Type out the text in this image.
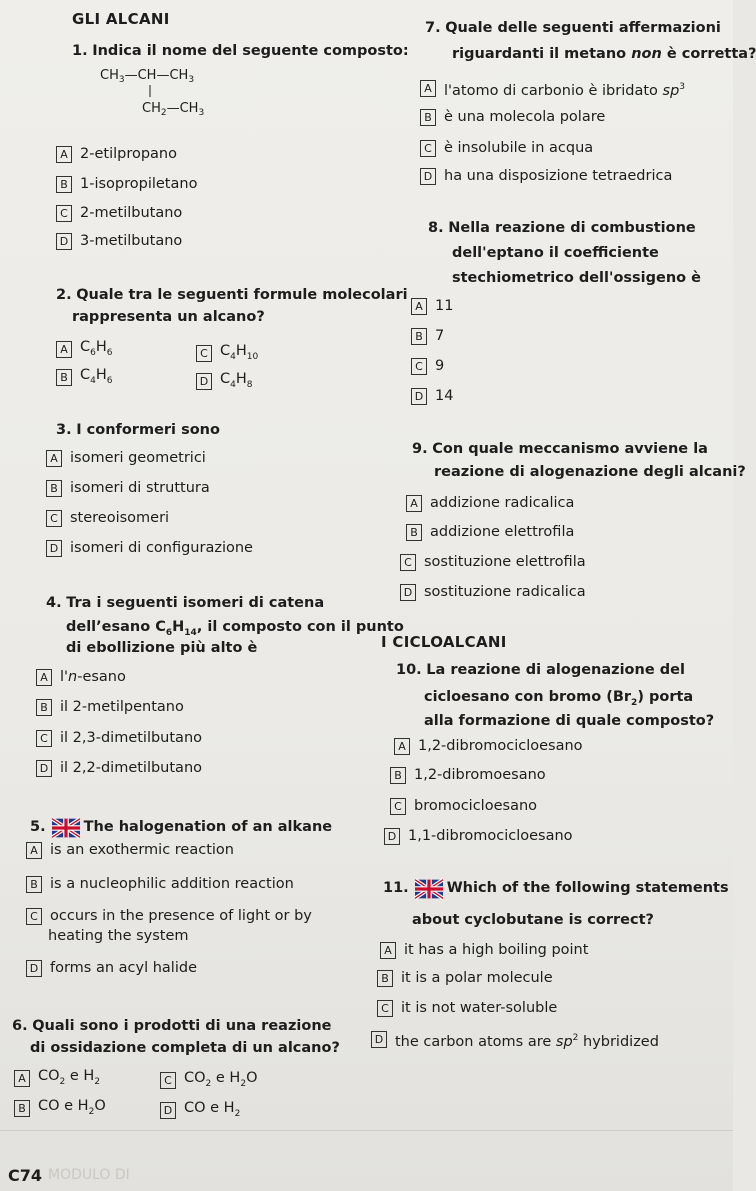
GLI ALCANI
1. Indica il nome del seguente composto:
$CH_3—CH—CH_3$
$CH_2—CH_3$
A 2-etilpropano
B 1-isopropiletano
C 2-metilbutano
D 3-metilbutano
2. Quale tra le seguenti formule molecolari
rappresenta un alcano?
A $C_6H_6$
B $C_4H_6$
C $C_4H_{10}$
D $C_4H_8$
3. I conformeri sono
A isomeri geometrici
B isomeri di struttura
C stereoisomeri
D isomeri di configurazione
4. Tra i seguenti isomeri di catena
dell’esano $C_6H_{14}$, il composto con il punto
di ebollizione più alto è
A l'n-esano
B il 2-metilpentano
C il 2,3-dimetilbutano
D il 2,2-dimetilbutano
5.	The halogenation of an alkane
A is an exothermic reaction
B is a nucleophilic addition reaction
C occurs in the presence of light or by
heating the system
D forms an acyl halide
6. Quali sono i prodotti di una reazione
di ossidazione completa di un alcano?
A $CO_2$ e $H_2$
B CO e $H_2O$
C $CO_2$ e $H_2O$
D CO e $H_2$
7. Quale delle seguenti affermazioni
riguardanti il metano non è corretta?
A l'atomo di carbonio è ibridato $sp^3$
B è una molecola polare
C è insolubile in acqua
D ha una disposizione tetraedrica
8. Nella reazione di combustione
dell'eptano il coefficiente
stechiometrico dell'ossigeno è
A 11
B 7
C 9
D 14
9. Con quale meccanismo avviene la
reazione di alogenazione degli alcani?
A addizione radicalica
B addizione elettrofila
C sostituzione elettrofila
D sostituzione radicalica
I CICLOALCANI
10. La reazione di alogenazione del
cicloesano con bromo $(Br_2)$ porta
alla formazione di quale composto?
A 1,2-dibromocicloesano
B 1,2-dibromoesano
C bromocicloesano
D 1,1-dibromocicloesano
11.	Which of the following statements
about cyclobutane is correct?
A it has a high boiling point
B it is a polar molecule
C it is not water-soluble
D the carbon atoms are $sp^2$ hybridized
C74 MODULO DI
